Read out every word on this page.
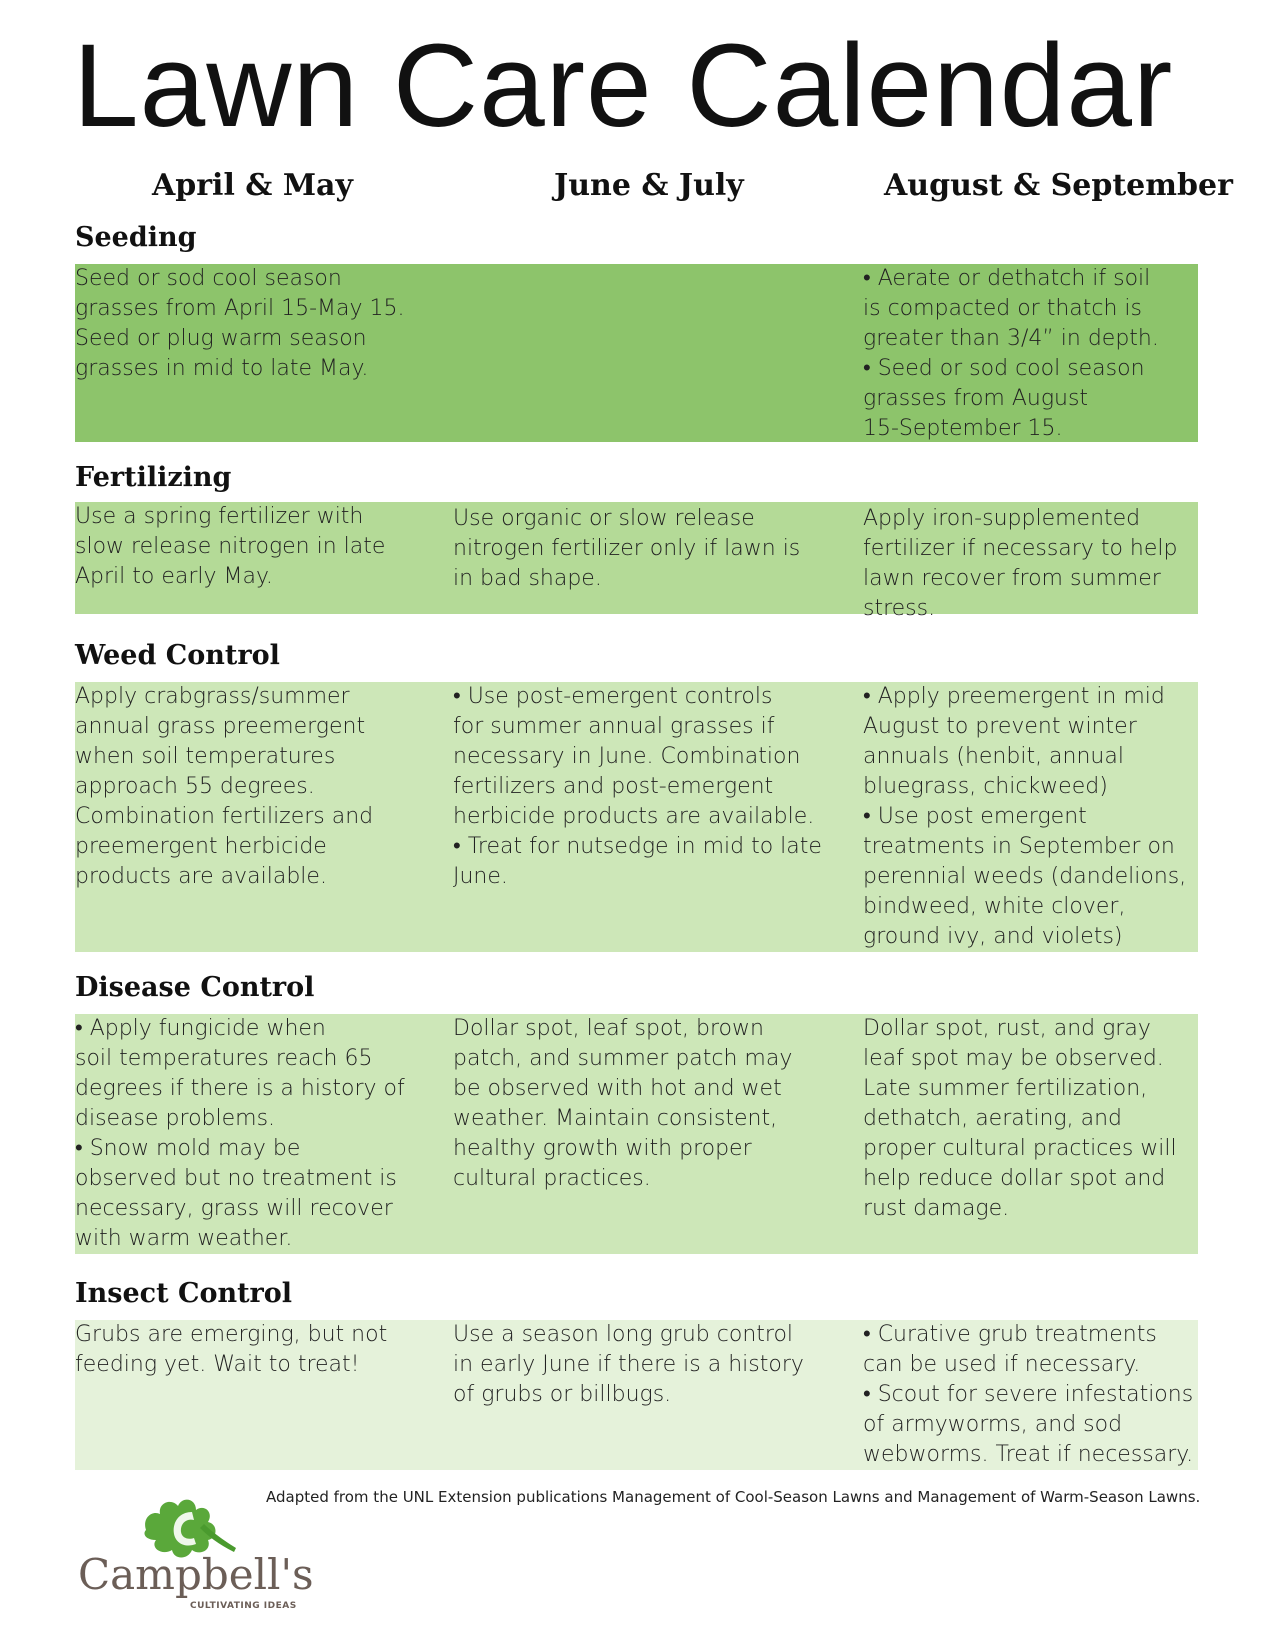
Lawn Care Calendar
April & May	June & July	August & September
Seeding
Seed or sod cool season
grasses from April 15-May 15.
Seed or plug warm season
grasses in mid to late May.
• Aerate or dethatch if soil
is compacted or thatch is
greater than 3/4” in depth.
• Seed or sod cool season
grasses from August
15-September 15.
Fertilizing
Use a spring fertilizer with
slow release nitrogen in late
April to early May.
Use organic or slow release
nitrogen fertilizer only if lawn is
in bad shape.
Apply iron-supplemented
fertilizer if necessary to help
lawn recover from summer
stress.
Weed Control
Apply crabgrass/summer
annual grass preemergent
when soil temperatures
approach 55 degrees.
Combination fertilizers and
preemergent herbicide
products are available.
• Use post-emergent controls
for summer annual grasses if
necessary in June. Combination
fertilizers and post-emergent
herbicide products are available.
• Treat for nutsedge in mid to late
June.
• Apply preemergent in mid
August to prevent winter
annuals (henbit, annual
bluegrass, chickweed)
• Use post emergent
treatments in September on
perennial weeds (dandelions,
bindweed, white clover,
ground ivy, and violets)
Disease Control
• Apply fungicide when
soil temperatures reach 65
degrees if there is a history of
disease problems.
• Snow mold may be
observed but no treatment is
necessary, grass will recover
with warm weather.
Dollar spot, leaf spot, brown
patch, and summer patch may
be observed with hot and wet
weather. Maintain consistent,
healthy growth with proper
cultural practices.
Dollar spot, rust, and gray
leaf spot may be observed.
Late summer fertilization,
dethatch, aerating, and
proper cultural practices will
help reduce dollar spot and
rust damage.
Insect Control
Grubs are emerging, but not
feeding yet. Wait to treat!
Use a season long grub control
in early June if there is a history
of grubs or billbugs.
• Curative grub treatments
can be used if necessary.
• Scout for severe infestations
of armyworms, and sod
webworms. Treat if necessary.
Adapted from the UNL Extension publications Management of Cool-Season Lawns and Management of Warm-Season Lawns.
Campbell's
CULTIVATING IDEAS
